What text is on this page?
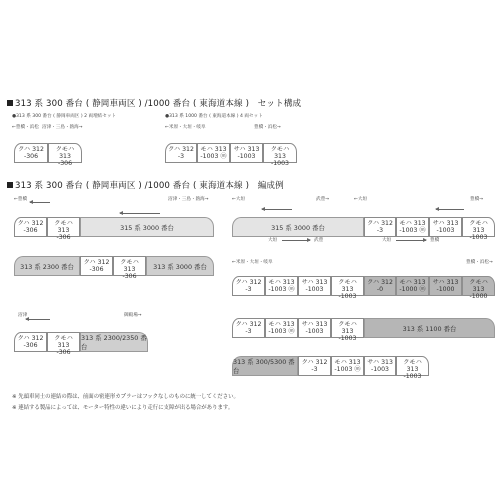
313 系 300 番台 ( 静岡車両区 ) /1000 番台 ( 東海道本線 )　セット構成
●313 系 300 番台 ( 静岡車両区 ) 2 両増結セット	●313 系 1000 番台 ( 東海道本線 ) 4 両セット
←豊橋・浜松 沼津・三島・熱海→	←米原・大垣・岐阜	豊橋・浜松→
クハ 312
-306
クモハ 313
-306
クハ 312
-3
モハ 313
-1003 ⓜ
サハ 313
-1003
クモハ 313
-1003
313 系 300 番台 ( 静岡車両区 ) /1000 番台 ( 東海道本線 )　編成例
←豊橋	沼津・三島・熱海→
クハ 312
-306
クモハ 313
-306
315 系 3000 番台
313 系 2300 番台	クハ 312
-306
クモハ 313
-306
313 系 3000 番台
沼津	御殿場→
クハ 312
-306
クモハ 313
-306
313 系 2300/2350 番台
←大垣	武豊→	←大垣	豊橋→
315 系 3000 番台
大垣	武豊
クハ 312
-3
モハ 313
-1003 ⓜ
サハ 313
-1003
クモハ 313
-1003
大垣	豊橋
←米原・大垣・岐阜	豊橋・浜松→
クハ 312
-3
モハ 313
-1003 ⓜ
サハ 313
-1003
クモハ 313
-1003
クハ 312
-0
モハ 313
-1000 ⓜ
サハ 313
-1000
クモハ 313
-1000
クハ 312
-3
モハ 313
-1003 ⓜ
サハ 313
-1003
クモハ 313
-1003
313 系 1100 番台
313 系 300/5300 番台
クハ 312
-3
モハ 313
-1003 ⓜ
サハ 313
-1003
クモハ 313
-1003
※ 先頭車同士の連結の際は、前面の密連形カプラーはフックなしのものに統一してください。
※ 連結する製品によっては、モーター特性の違いにより走行に支障が出る場合があります。
